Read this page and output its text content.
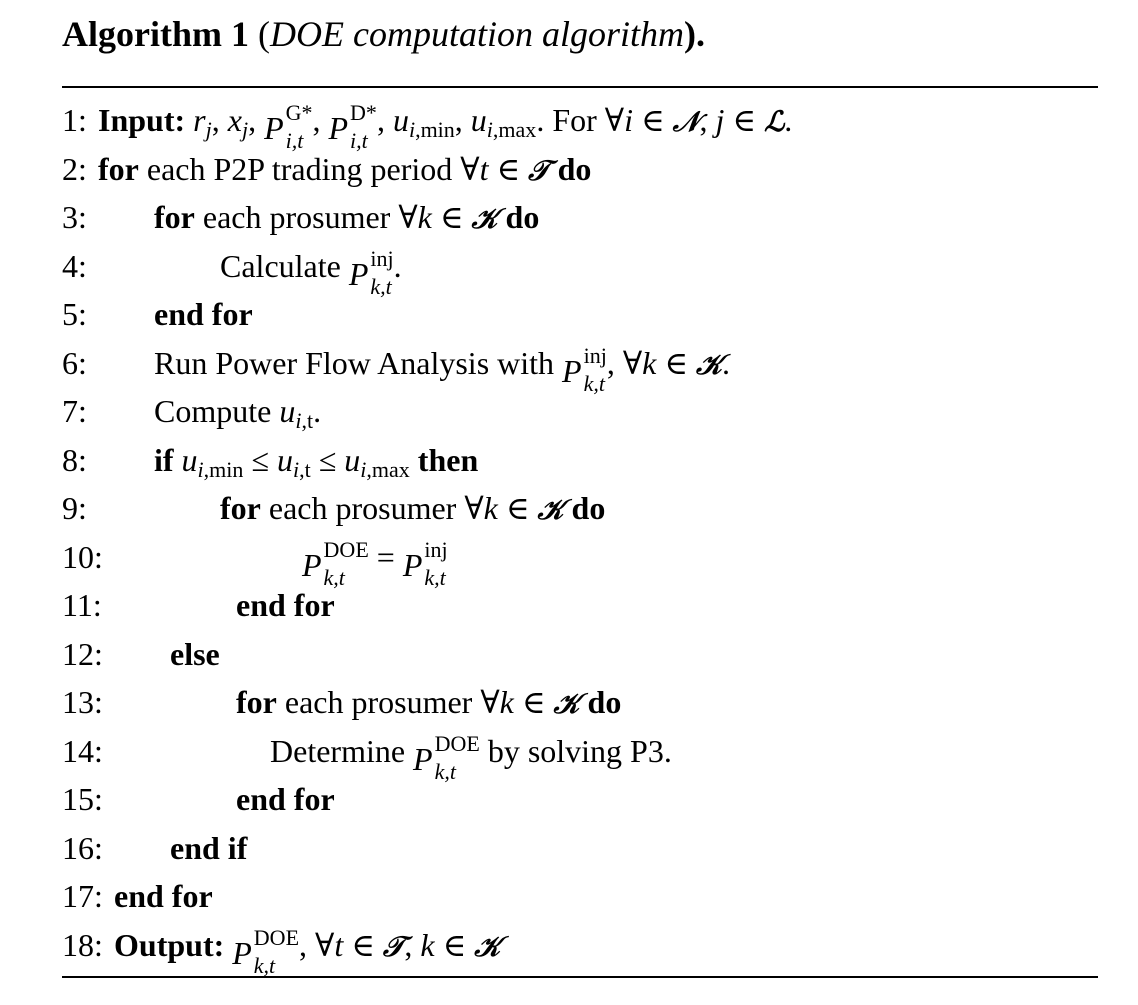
Algorithm 1 (DOE computation algorithm).
1: Input: rj, xj, P G*
i,t
, P D*
i,t
, ui,min, ui,max. For ∀i ∈ 𝒩, j ∈ ℒ.
2: for each P2P trading period ∀t ∈ 𝒯 do
3: for each prosumer ∀k ∈ 𝒦 do
4:	Calculate P inj
k,t
.
5: end for
6: Run Power Flow Analysis with P inj
k,t
, ∀k ∈ 𝒦.
7: Compute ui,t.
8: if ui,min ≤ ui,t ≤ ui,max then
9:	for each prosumer ∀k ∈ 𝒦 do
10:	P DOE
k,t
= P inj
k,t
11:	end for
12: else
13:	for each prosumer ∀k ∈ 𝒦 do
14:	Determine P DOE
k,t
by solving P3.
15:	end for
16: end if
17: end for
18: Output: P DOE
k,t
, ∀t ∈ 𝒯, k ∈ 𝒦
